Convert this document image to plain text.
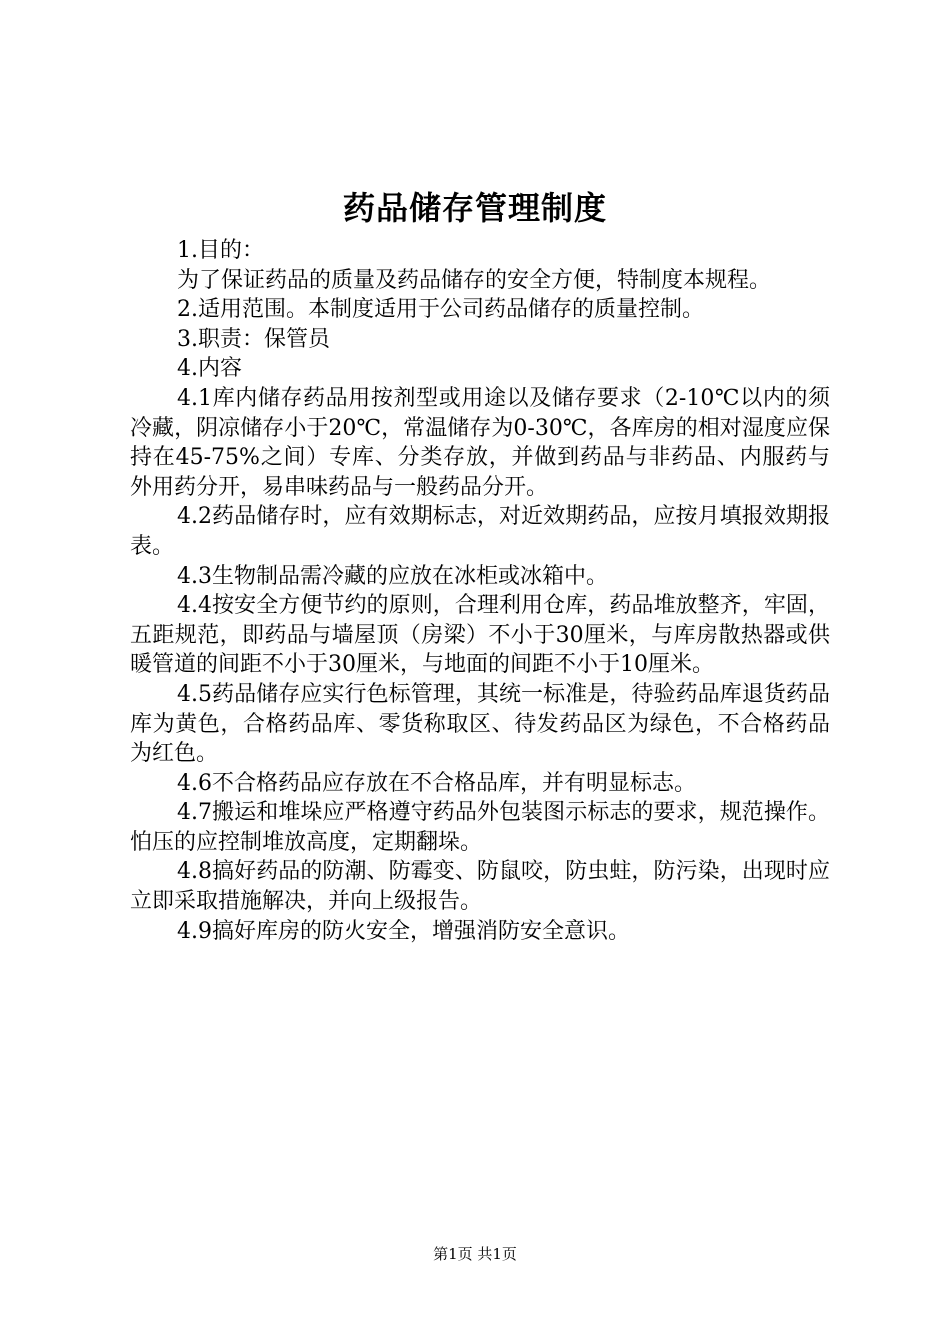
药品储存管理制度

1.目的：

为了保证药品的质量及药品储存的安全方便，特制度本规程。

2.适用范围。本制度适用于公司药品储存的质量控制。

3.职责：保管员

4.内容

4.1库内储存药品用按剂型或用途以及储存要求（2-10℃以内的须冷藏，阴凉储存小于20℃，常温储存为0-30℃，各库房的相对湿度应保持在45-75%之间）专库、分类存放，并做到药品与非药品、内服药与外用药分开，易串味药品与一般药品分开。

4.2药品储存时，应有效期标志，对近效期药品，应按月填报效期报表。

4.3生物制品需冷藏的应放在冰柜或冰箱中。

4.4按安全方便节约的原则，合理利用仓库，药品堆放整齐，牢固，五距规范，即药品与墙屋顶（房梁）不小于30厘米，与库房散热器或供暖管道的间距不小于30厘米，与地面的间距不小于10厘米。

4.5药品储存应实行色标管理，其统一标准是，待验药品库退货药品库为黄色，合格药品库、零货称取区、待发药品区为绿色，不合格药品为红色。

4.6不合格药品应存放在不合格品库，并有明显标志。

4.7搬运和堆垛应严格遵守药品外包装图示标志的要求，规范操作。怕压的应控制堆放高度，定期翻垛。

4.8搞好药品的防潮、防霉变、防鼠咬，防虫蛀，防污染，出现时应立即采取措施解决，并向上级报告。

4.9搞好库房的防火安全，增强消防安全意识。

第1页 共1页
